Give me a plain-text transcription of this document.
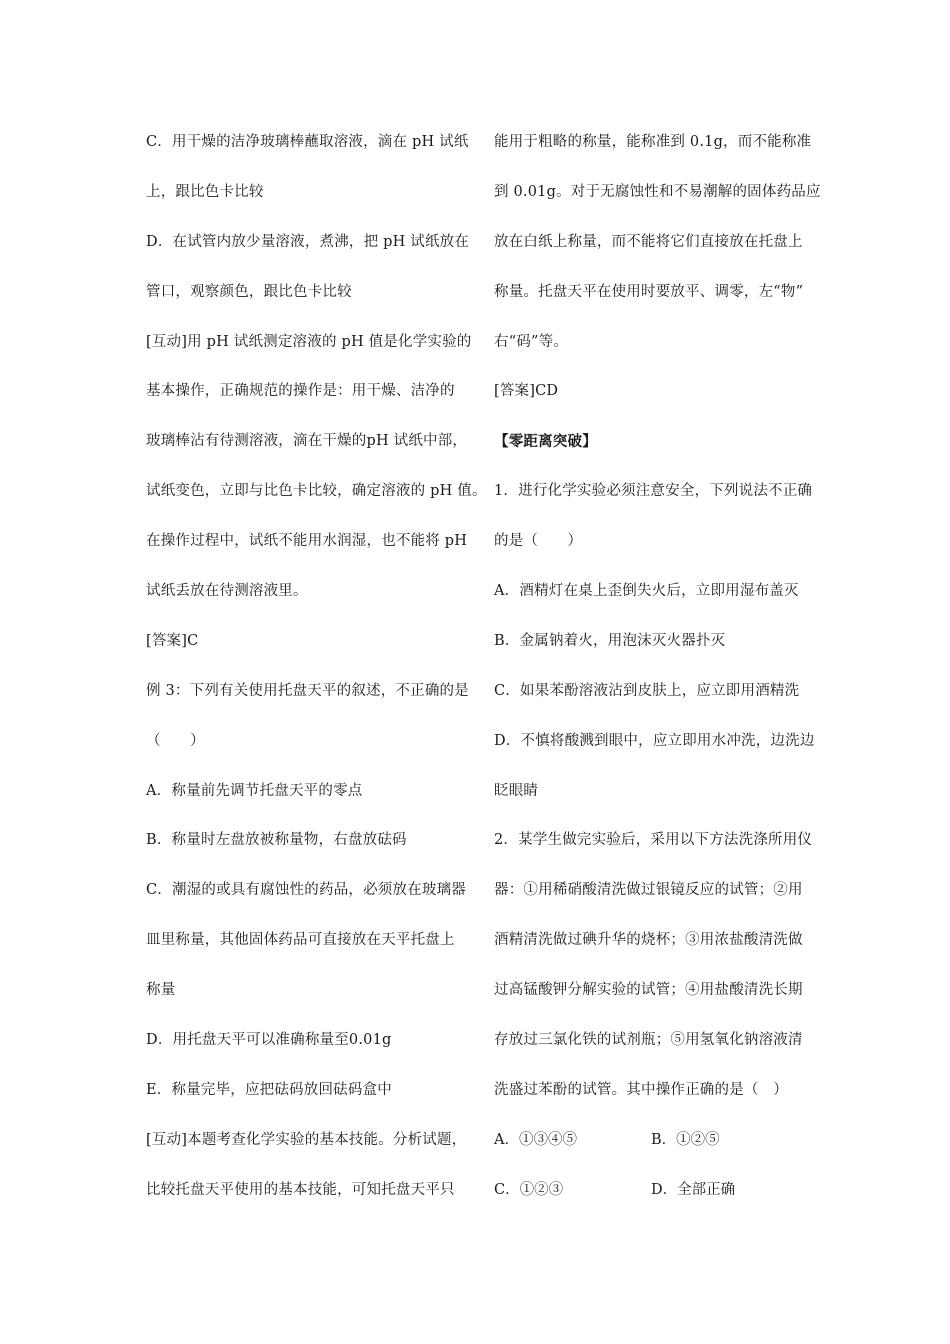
C．用干燥的洁净玻璃棒蘸取溶液，滴在 pH 试纸
上，跟比色卡比较
D．在试管内放少量溶液，煮沸，把 pH 试纸放在
管口，观察颜色，跟比色卡比较
[互动]用 pH 试纸测定溶液的 pH 值是化学实验的
基本操作，正确规范的操作是：用干燥、洁净的
玻璃棒沾有待测溶液，滴在干燥的pH 试纸中部，
试纸变色，立即与比色卡比较，确定溶液的 pH 值。
在操作过程中，试纸不能用水润湿，也不能将 pH
试纸丢放在待测溶液里。
[答案]C
例 3：下列有关使用托盘天平的叙述，不正确的是
（　　）
A．称量前先调节托盘天平的零点
B．称量时左盘放被称量物，右盘放砝码
C．潮湿的或具有腐蚀性的药品，必须放在玻璃器
皿里称量，其他固体药品可直接放在天平托盘上
称量
D．用托盘天平可以准确称量至0.01g
E．称量完毕，应把砝码放回砝码盒中
[互动]本题考查化学实验的基本技能。分析试题，
比较托盘天平使用的基本技能，可知托盘天平只
能用于粗略的称量，能称准到 0.1g，而不能称准
到 0.01g。对于无腐蚀性和不易潮解的固体药品应
放在白纸上称量，而不能将它们直接放在托盘上
称量。托盘天平在使用时要放平、调零，左“物”
右“码”等。
[答案]CD
【零距离突破】
1．进行化学实验必须注意安全，下列说法不正确
的是（　　）
A．酒精灯在桌上歪倒失火后，立即用湿布盖灭
B．金属钠着火，用泡沫灭火器扑灭
C．如果苯酚溶液沾到皮肤上，应立即用酒精洗
D．不慎将酸溅到眼中，应立即用水冲洗，边洗边
眨眼睛
2．某学生做完实验后，采用以下方法洗涤所用仪
器：①用稀硝酸清洗做过银镜反应的试管；②用
酒精清洗做过碘升华的烧杯；③用浓盐酸清洗做
过高锰酸钾分解实验的试管；④用盐酸清洗长期
存放过三氯化铁的试剂瓶；⑤用氢氧化钠溶液清
洗盛过苯酚的试管。其中操作正确的是（　）
A．①③④⑤	B．①②⑤
C．①②③	D．全部正确
